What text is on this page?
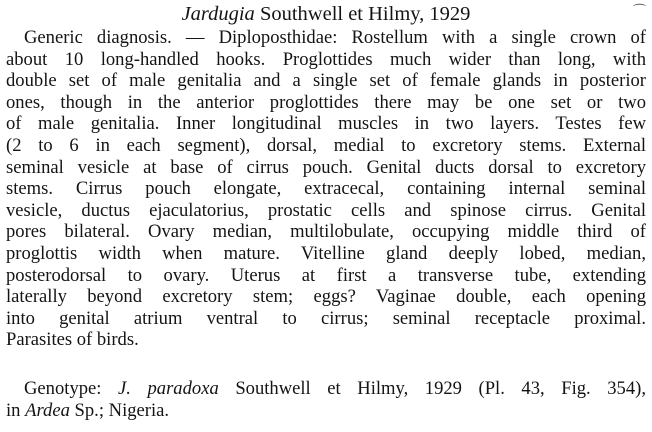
Jardugia Southwell et Hilmy, 1929	⌒
Generic diagnosis. — Diploposthidae: Rostellum with a single crown of
about 10 long-handled hooks. Proglottides much wider than long, with
double set of male genitalia and a single set of female glands in posterior
ones, though in the anterior proglottides there may be one set or two
of male genitalia. Inner longitudinal muscles in two layers. Testes few
(2 to 6 in each segment), dorsal, medial to excretory stems. External
seminal vesicle at base of cirrus pouch. Genital ducts dorsal to excretory
stems. Cirrus pouch elongate, extracecal, containing internal seminal
vesicle, ductus ejaculatorius, prostatic cells and spinose cirrus. Genital
pores bilateral. Ovary median, multilobulate, occupying middle third of
proglottis width when mature. Vitelline gland deeply lobed, median,
posterodorsal to ovary. Uterus at first a transverse tube, extending
laterally beyond excretory stem; eggs? Vaginae double, each opening
into genital atrium ventral to cirrus; seminal receptacle proximal.
Parasites of birds.
Genotype: J. paradoxa Southwell et Hilmy, 1929 (Pl. 43, Fig. 354),
in Ardea Sp.; Nigeria.
